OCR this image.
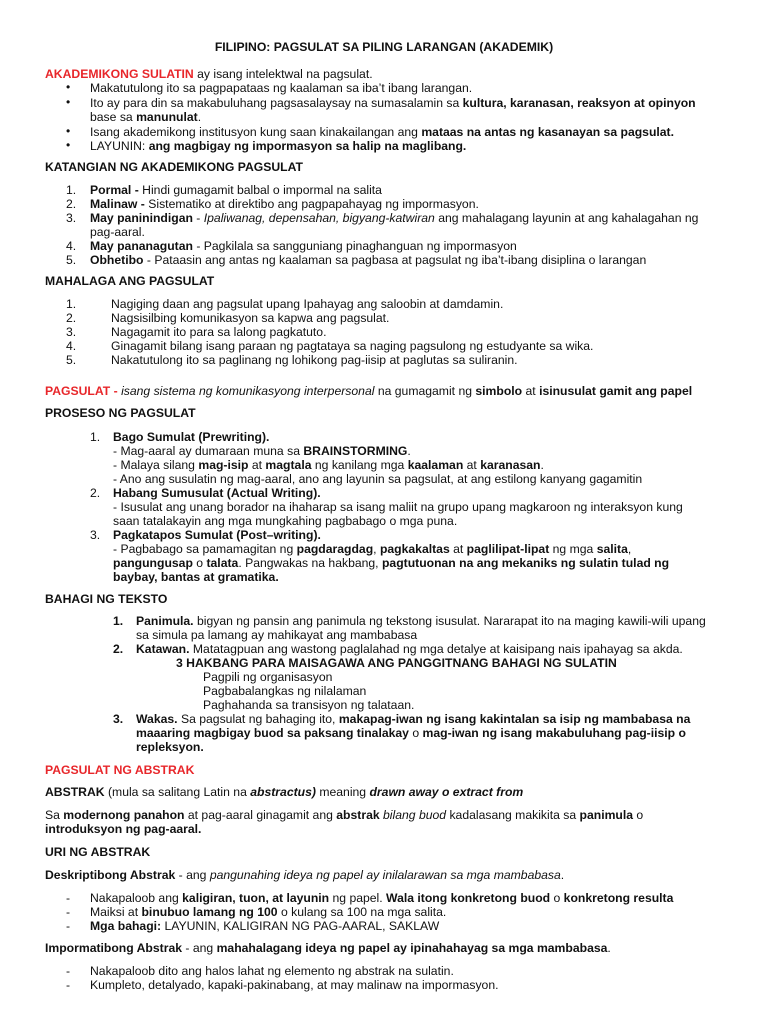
FILIPINO: PAGSULAT SA PILING LARANGAN (AKADEMIK)
AKADEMIKONG SULATIN ay isang intelektwal na pagsulat.
• Makatutulong ito sa pagpapataas ng kaalaman sa iba’t ibang larangan.
• Ito ay para din sa makabuluhang pagsasalaysay na sumasalamin sa kultura, karanasan, reaksyon at opinyon
base sa manunulat.
• Isang akademikong institusyon kung saan kinakailangan ang mataas na antas ng kasanayan sa pagsulat.
• LAYUNIN: ang magbigay ng impormasyon sa halip na maglibang.
KATANGIAN NG AKADEMIKONG PAGSULAT
1. Pormal - Hindi gumagamit balbal o impormal na salita
2. Malinaw - Sistematiko at direktibo ang pagpapahayag ng impormasyon.
3. May paninindigan - Ipaliwanag, depensahan, bigyang-katwiran ang mahalagang layunin at ang kahalagahan ng
pag-aaral.
4. May pananagutan - Pagkilala sa sangguniang pinaghanguan ng impormasyon
5. Obhetibo - Pataasin ang antas ng kaalaman sa pagbasa at pagsulat ng iba’t-ibang disiplina o larangan
MAHALAGA ANG PAGSULAT
1.	Nagiging daan ang pagsulat upang Ipahayag ang saloobin at damdamin.
2.	Nagsisilbing komunikasyon sa kapwa ang pagsulat.
3.	Nagagamit ito para sa lalong pagkatuto.
4.	Ginagamit bilang isang paraan ng pagtataya sa naging pagsulong ng estudyante sa wika.
5.	Nakatutulong ito sa paglinang ng lohikong pag-iisip at paglutas sa suliranin.
PAGSULAT - isang sistema ng komunikasyong interpersonal na gumagamit ng simbolo at isinusulat gamit ang papel
PROSESO NG PAGSULAT
1. Bago Sumulat (Prewriting).
- Mag-aaral ay dumaraan muna sa BRAINSTORMING.
- Malaya silang mag-isip at magtala ng kanilang mga kaalaman at karanasan.
- Ano ang susulatin ng mag-aaral, ano ang layunin sa pagsulat, at ang estilong kanyang gagamitin
2. Habang Sumusulat (Actual Writing).
- Isusulat ang unang borador na ihaharap sa isang maliit na grupo upang magkaroon ng interaksyon kung
saan tatalakayin ang mga mungkahing pagbabago o mga puna.
3. Pagkatapos Sumulat (Post–writing).
- Pagbabago sa pamamagitan ng pagdaragdag, pagkakaltas at paglilipat-lipat ng mga salita,
pangungusap o talata. Pangwakas na hakbang, pagtutuonan na ang mekaniks ng sulatin tulad ng
baybay, bantas at gramatika.
BAHAGI NG TEKSTO
1. Panimula. bigyan ng pansin ang panimula ng tekstong isusulat. Nararapat ito na maging kawili-wili upang
sa simula pa lamang ay mahikayat ang mambabasa
2. Katawan. Matatagpuan ang wastong paglalahad ng mga detalye at kaisipang nais ipahayag sa akda.
3 HAKBANG PARA MAISAGAWA ANG PANGGITNANG BAHAGI NG SULATIN
Pagpili ng organisasyon
Pagbabalangkas ng nilalaman
Paghahanda sa transisyon ng talataan.
3. Wakas. Sa pagsulat ng bahaging ito, makapag-iwan ng isang kakintalan sa isip ng mambabasa na
maaaring magbigay buod sa paksang tinalakay o mag-iwan ng isang makabuluhang pag-iisip o
repleksyon.
PAGSULAT NG ABSTRAK
ABSTRAK (mula sa salitang Latin na abstractus) meaning drawn away o extract from
Sa modernong panahon at pag-aaral ginagamit ang abstrak bilang buod kadalasang makikita sa panimula o
introduksyon ng pag-aaral.
URI NG ABSTRAK
Deskriptibong Abstrak - ang pangunahing ideya ng papel ay inilalarawan sa mga mambabasa.
- Nakapaloob ang kaligiran, tuon, at layunin ng papel. Wala itong konkretong buod o konkretong resulta
- Maiksi at binubuo lamang ng 100 o kulang sa 100 na mga salita.
- Mga bahagi: LAYUNIN, KALIGIRAN NG PAG-AARAL, SAKLAW
Impormatibong Abstrak - ang mahahalagang ideya ng papel ay ipinahahayag sa mga mambabasa.
- Nakapaloob dito ang halos lahat ng elemento ng abstrak na sulatin.
- Kumpleto, detalyado, kapaki-pakinabang, at may malinaw na impormasyon.
